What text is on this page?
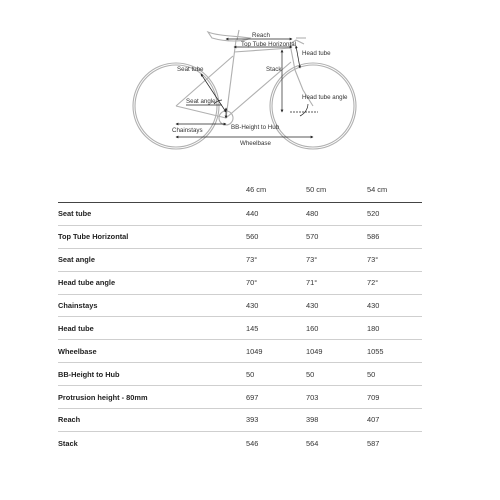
Reach
Top Tube Horizontal
Head tube
Seat tube	Stack
Seat angle
Head tube angle
BB-Height to Hub
Chainstays
Wheelbase
	46 cm	50 cm	54 cm
Seat tube	440	480	520
Top Tube Horizontal	560	570	586
Seat angle	73°	73°	73°
Head tube angle	70°	71°	72°
Chainstays	430	430	430
Head tube	145	160	180
Wheelbase	1049	1049	1055
BB-Height to Hub	50	50	50
Protrusion height - 80mm	697	703	709
Reach	393	398	407
Stack	546	564	587
